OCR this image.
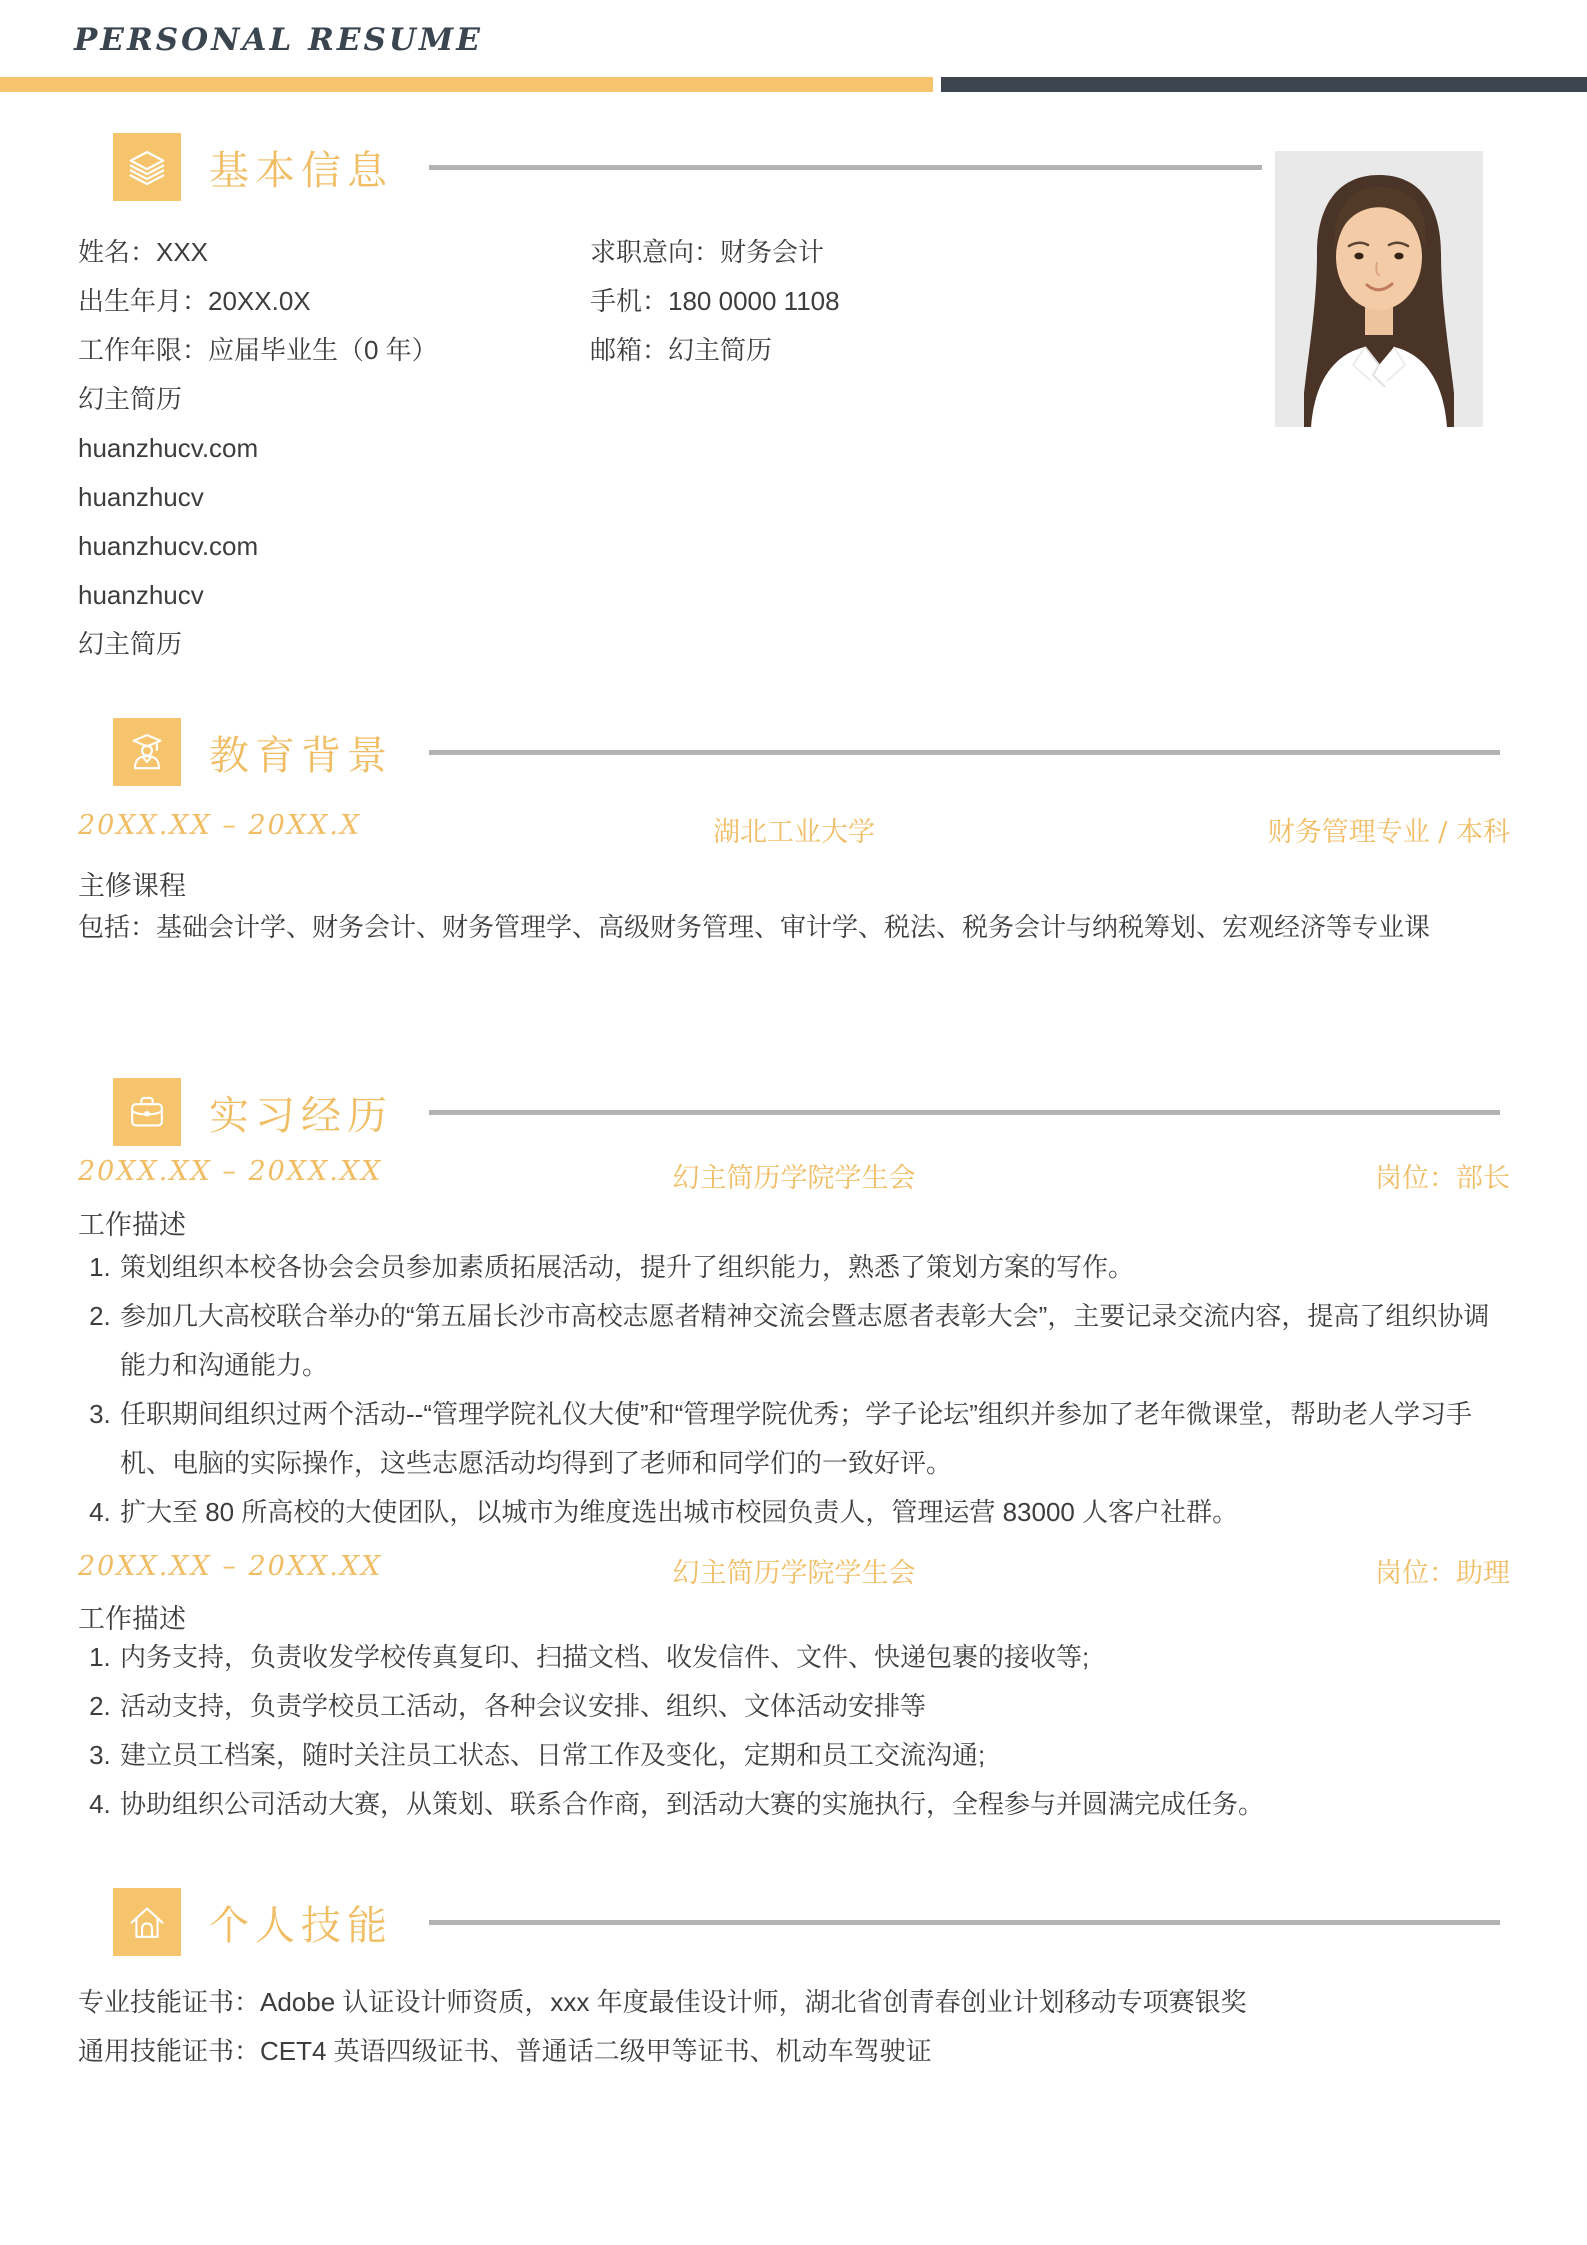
PERSONAL RESUME
基本信息
姓名：XXX	求职意向：财务会计
出生年月：20XX.0X	手机：180 0000 1108
工作年限：应届毕业生（0 年）	邮箱：幻主简历
幻主简历
huanzhucv.com
huanzhucv
huanzhucv.com
huanzhucv
幻主简历
教育背景
20XX.XX – 20XX.X	湖北工业大学	财务管理专业 / 本科
主修课程
包括：基础会计学、财务会计、财务管理学、高级财务管理、审计学、税法、税务会计与纳税筹划、宏观经济等专业课
实习经历
20XX.XX – 20XX.XX	幻主简历学院学生会	岗位：部长
工作描述
1. 策划组织本校各协会会员参加素质拓展活动，提升了组织能力，熟悉了策划方案的写作。
2. 参加几大高校联合举办的“第五届长沙市高校志愿者精神交流会暨志愿者表彰大会”，主要记录交流内容，提高了组织协调能力和沟通能力。
3. 任职期间组织过两个活动--“管理学院礼仪大使”和“管理学院优秀；学子论坛”组织并参加了老年微课堂，帮助老人学习手机、电脑的实际操作，这些志愿活动均得到了老师和同学们的一致好评。
4. 扩大至 80 所高校的大使团队，以城市为维度选出城市校园负责人，管理运营 83000 人客户社群。
20XX.XX – 20XX.XX	幻主简历学院学生会	岗位：助理
工作描述
1. 内务支持，负责收发学校传真复印、扫描文档、收发信件、文件、快递包裹的接收等;
2. 活动支持，负责学校员工活动，各种会议安排、组织、文体活动安排等
3. 建立员工档案，随时关注员工状态、日常工作及变化，定期和员工交流沟通;
4. 协助组织公司活动大赛，从策划、联系合作商，到活动大赛的实施执行，全程参与并圆满完成任务。
个人技能
专业技能证书：Adobe 认证设计师资质，xxx 年度最佳设计师，湖北省创青春创业计划移动专项赛银奖
通用技能证书：CET4 英语四级证书、普通话二级甲等证书、机动车驾驶证
